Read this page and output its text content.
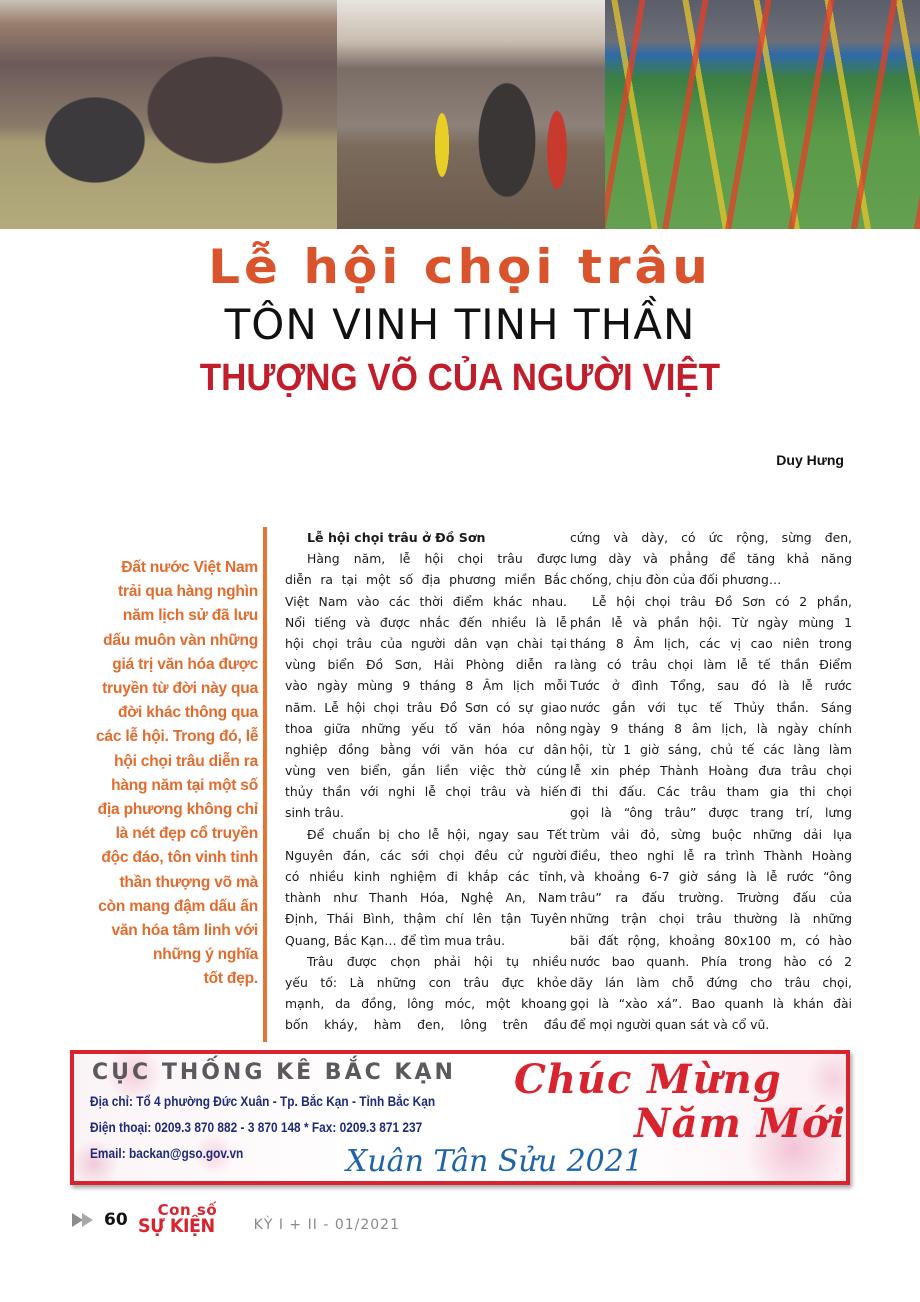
Lễ hội chọi trâu
TÔN VINH TINH THẦN
THƯỢNG VÕ CỦA NGƯỜI VIỆT
Duy Hưng
Đất nước Việt Nam
trải qua hàng nghìn
năm lịch sử đã lưu
dấu muôn vàn những
giá trị văn hóa được
truyền từ đời này qua
đời khác thông qua
các lễ hội. Trong đó, lễ
hội chọi trâu diễn ra
hàng năm tại một số
địa phương không chỉ
là nét đẹp cổ truyền
độc đáo, tôn vinh tinh
thần thượng võ mà
còn mang đậm dấu ấn
văn hóa tâm linh với
những ý nghĩa
tốt đẹp.
Lễ hội chọi trâu ở Đồ Sơn
Hàng năm, lễ hội chọi trâu được
diễn ra tại một số địa phương miền Bắc
Việt Nam vào các thời điểm khác nhau.
Nổi tiếng và được nhắc đến nhiều là lễ
hội chọi trâu của người dân vạn chài tại
vùng biển Đồ Sơn, Hải Phòng diễn ra
vào ngày mùng 9 tháng 8 Âm lịch mỗi
năm. Lễ hội chọi trâu Đồ Sơn có sự giao
thoa giữa những yếu tố văn hóa nông
nghiệp đồng bằng với văn hóa cư dân
vùng ven biển, gắn liền việc thờ cúng
thủy thần với nghi lễ chọi trâu và hiến
sinh trâu.
Để chuẩn bị cho lễ hội, ngay sau Tết
Nguyên đán, các sới chọi đều cử người
có nhiều kinh nghiệm đi khắp các tỉnh,
thành như Thanh Hóa, Nghệ An, Nam
Định, Thái Bình, thậm chí lên tận Tuyên
Quang, Bắc Kạn… để tìm mua trâu.
Trâu được chọn phải hội tụ nhiều
yếu tố: Là những con trâu đực khỏe
mạnh, da đồng, lông móc, một khoang
bốn kháy, hàm đen, lông trên đầu
cứng và dày, có ức rộng, sừng đen,
lưng dày và phẳng để tăng khả năng
chống, chịu đòn của đối phương…
Lễ hội chọi trâu Đồ Sơn có 2 phần,
phần lễ và phần hội. Từ ngày mùng 1
tháng 8 Âm lịch, các vị cao niên trong
làng có trâu chọi làm lễ tế thần Điểm
Tước ở đình Tổng, sau đó là lễ rước
nước gắn với tục tế Thủy thần. Sáng
ngày 9 tháng 8 âm lịch, là ngày chính
hội, từ 1 giờ sáng, chủ tế các làng làm
lễ xin phép Thành Hoàng đưa trâu chọi
đi thi đấu. Các trâu tham gia thi chọi
gọi là “ông trâu” được trang trí, lưng
trùm vải đỏ, sừng buộc những dải lụa
điều, theo nghi lễ ra trình Thành Hoàng
và khoảng 6-7 giờ sáng là lễ rước “ông
trâu” ra đấu trường. Trường đấu của
những trận chọi trâu thường là những
bãi đất rộng, khoảng 80x100 m, có hào
nước bao quanh. Phía trong hào có 2
dãy lán làm chỗ đứng cho trâu chọi,
gọi là “xào xá”. Bao quanh là khán đài
để mọi người quan sát và cổ vũ.
CỤC THỐNG KÊ BẮC KẠN
Địa chỉ: Tổ 4 phường Đức Xuân - Tp. Bắc Kạn - Tỉnh Bắc Kạn
Điện thoại: 0209.3 870 882 - 3 870 148 * Fax: 0209.3 871 237
Email: backan@gso.gov.vn
Chúc Mừng
Năm Mới
Xuân Tân Sửu 2021
60 Con số
SỰ KIỆN	KỲ I + II - 01/2021
